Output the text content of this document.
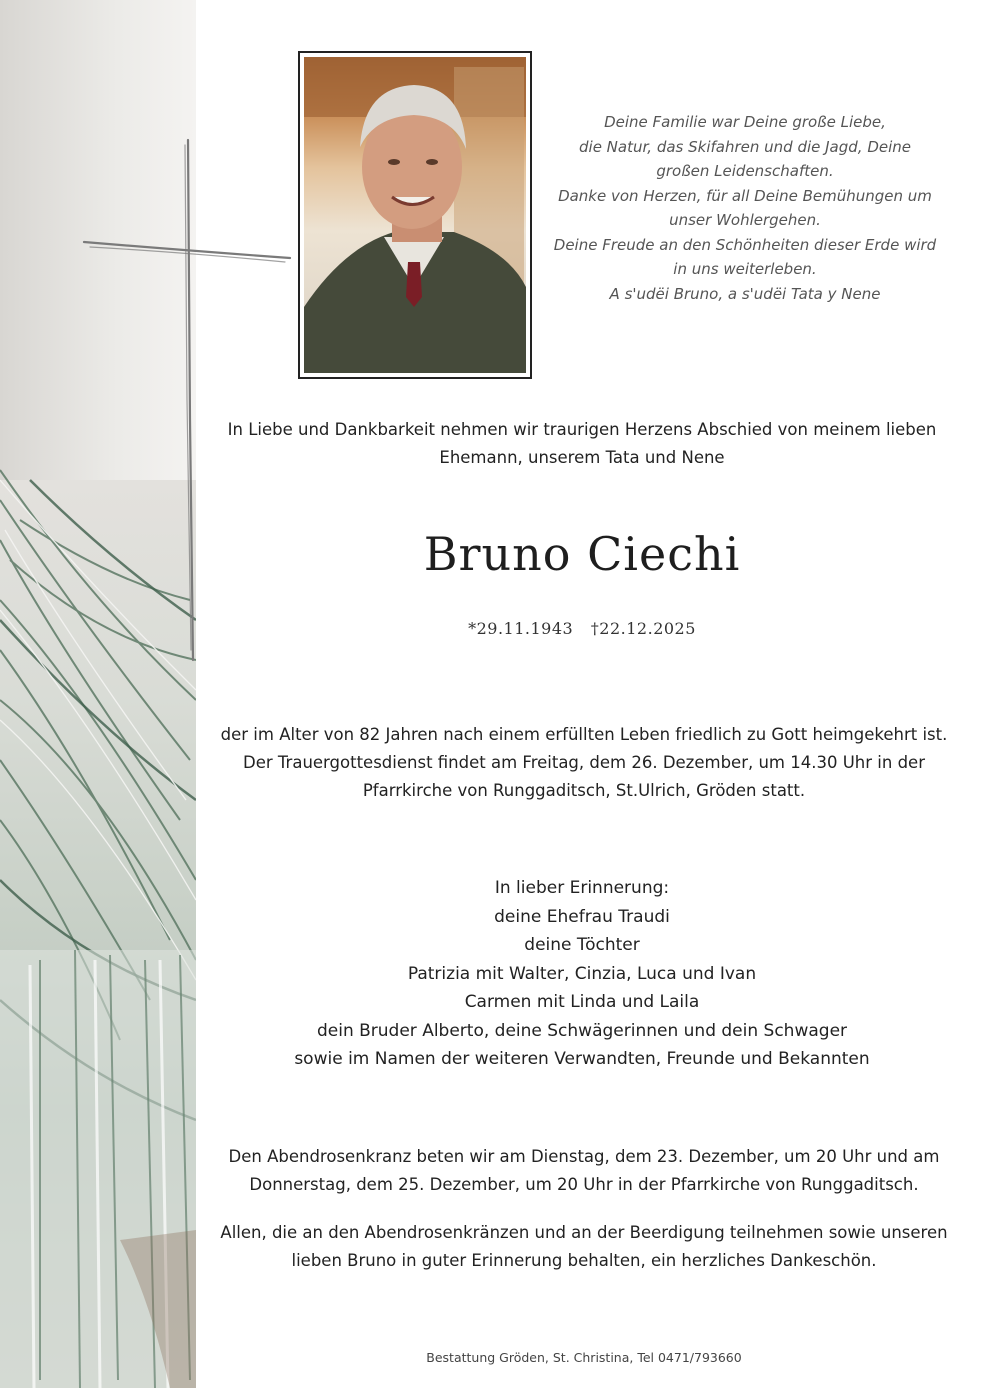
Deine Familie war Deine große Liebe,
die Natur, das Skifahren und die Jagd, Deine
großen Leidenschaften.
Danke von Herzen, für all Deine Bemühungen um
unser Wohlergehen.
Deine Freude an den Schönheiten dieser Erde wird
in uns weiterleben.
A s'udëi Bruno, a s'udëi Tata y Nene
In Liebe und Dankbarkeit nehmen wir traurigen Herzens Abschied von meinem lieben
Ehemann, unserem Tata und Nene
Bruno Ciechi
*29.11.1943 †22.12.2025
der im Alter von 82 Jahren nach einem erfüllten Leben friedlich zu Gott heimgekehrt ist.
Der Trauergottesdienst findet am Freitag, dem 26. Dezember, um 14.30 Uhr in der
Pfarrkirche von Runggaditsch, St.Ulrich, Gröden statt.
In lieber Erinnerung:
deine Ehefrau Traudi
deine Töchter
Patrizia mit Walter, Cinzia, Luca und Ivan
Carmen mit Linda und Laila
dein Bruder Alberto, deine Schwägerinnen und dein Schwager
sowie im Namen der weiteren Verwandten, Freunde und Bekannten
Den Abendrosenkranz beten wir am Dienstag, dem 23. Dezember, um 20 Uhr und am
Donnerstag, dem 25. Dezember, um 20 Uhr in der Pfarrkirche von Runggaditsch.
Allen, die an den Abendrosenkränzen und an der Beerdigung teilnehmen sowie unseren
lieben Bruno in guter Erinnerung behalten, ein herzliches Dankeschön.
Bestattung Gröden, St. Christina, Tel 0471/793660
